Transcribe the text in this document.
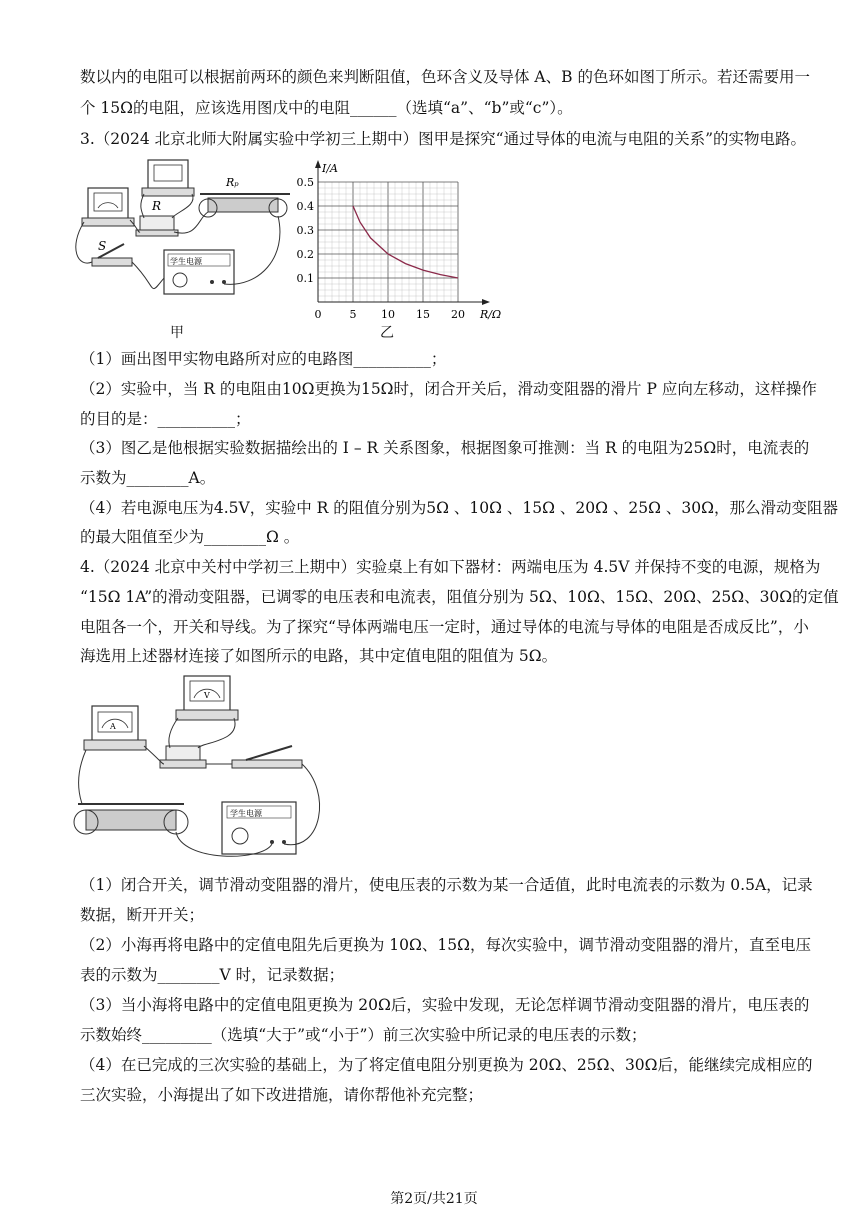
数以内的电阻可以根据前两环的颜色来判断阻值，色环含义及导体 A、B 的色环如图丁所示。若还需要用一
个 15Ω的电阻，应该选用图戊中的电阻______（选填“a”、“b”或“c”）。
3.（2024 北京北师大附属实验中学初三上期中）图甲是探究“通过导体的电流与电阻的关系”的实物电路。
R
Rₚ
S
学生电源
甲
I/A
R/Ω
0	5 10 15 20
0.1
0.2
0.3
0.4
0.5
乙
（1）画出图甲实物电路所对应的电路图__________；
（2）实验中，当 R 的电阻由10Ω更换为15Ω时，闭合开关后，滑动变阻器的滑片 P 应向左移动，这样操作
的目的是：__________；
（3）图乙是他根据实验数据描绘出的 I – R 关系图象，根据图象可推测：当 R 的电阻为25Ω时，电流表的
示数为________A。
（4）若电源电压为4.5V，实验中 R 的阻值分别为5Ω 、10Ω 、15Ω 、20Ω 、25Ω 、30Ω，那么滑动变阻器
的最大阻值至少为________Ω 。
4.（2024 北京中关村中学初三上期中）实验桌上有如下器材：两端电压为 4.5V 并保持不变的电源，规格为
“15Ω 1A”的滑动变阻器，已调零的电压表和电流表，阻值分别为 5Ω、10Ω、15Ω、20Ω、25Ω、30Ω的定值
电阻各一个，开关和导线。为了探究“导体两端电压一定时，通过导体的电流与导体的电阻是否成反比”，小
海选用上述器材连接了如图所示的电路，其中定值电阻的阻值为 5Ω。
A
V
学生电源
（1）闭合开关，调节滑动变阻器的滑片，使电压表的示数为某一合适值，此时电流表的示数为 0.5A，记录
数据，断开开关；
（2）小海再将电路中的定值电阻先后更换为 10Ω、15Ω，每次实验中，调节滑动变阻器的滑片，直至电压
表的示数为________V 时，记录数据；
（3）当小海将电路中的定值电阻更换为 20Ω后，实验中发现，无论怎样调节滑动变阻器的滑片，电压表的
示数始终_________（选填“大于”或“小于”）前三次实验中所记录的电压表的示数；
（4）在已完成的三次实验的基础上，为了将定值电阻分别更换为 20Ω、25Ω、30Ω后，能继续完成相应的
三次实验，小海提出了如下改进措施，请你帮他补充完整；
第2页/共21页
